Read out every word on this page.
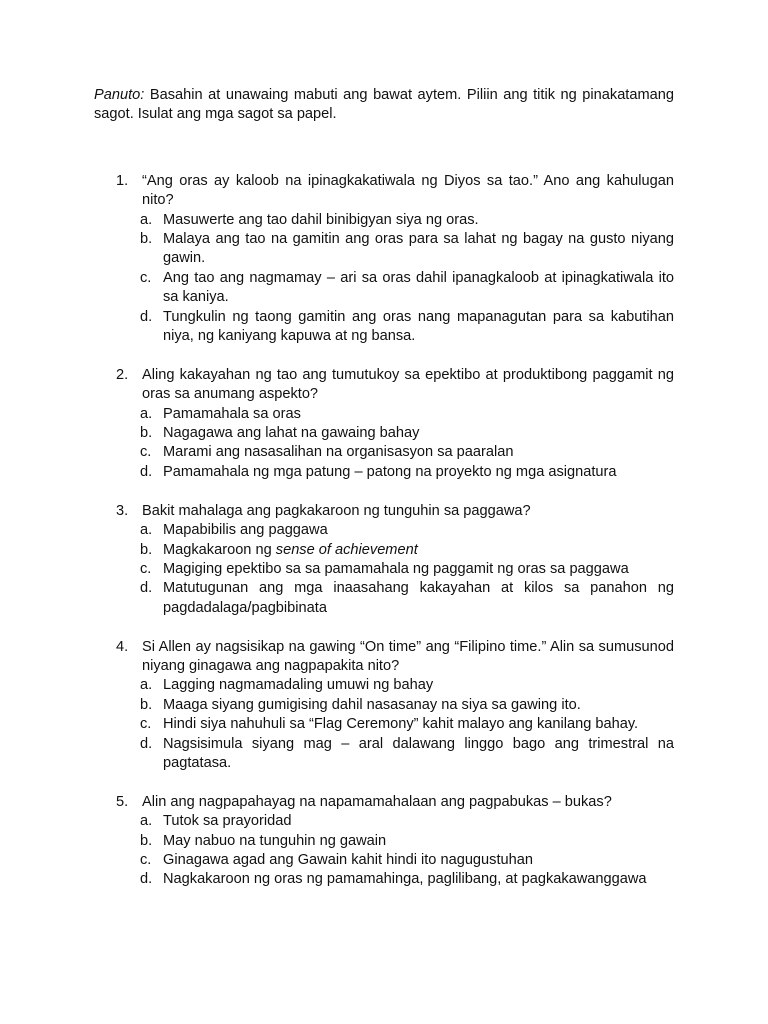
Panuto: Basahin at unawaing mabuti ang bawat aytem. Piliin ang titik ng pinakatamang sagot. Isulat ang mga sagot sa papel.

1. “Ang oras ay kaloob na ipinagkakatiwala ng Diyos sa tao.” Ano ang kahulugan nito?
a. Masuwerte ang tao dahil binibigyan siya ng oras.
b. Malaya ang tao na gamitin ang oras para sa lahat ng bagay na gusto niyang gawin.
c. Ang tao ang nagmamay – ari sa oras dahil ipanagkaloob at ipinagkatiwala ito sa kaniya.
d. Tungkulin ng taong gamitin ang oras nang mapanagutan para sa kabutihan niya, ng kaniyang kapuwa at ng bansa.
2. Aling kakayahan ng tao ang tumutukoy sa epektibo at produktibong paggamit ng oras sa anumang aspekto?
a. Pamamahala sa oras
b. Nagagawa ang lahat na gawaing bahay
c. Marami ang nasasalihan na organisasyon sa paaralan
d. Pamamahala ng mga patung – patong na proyekto ng mga asignatura
3. Bakit mahalaga ang pagkakaroon ng tunguhin sa paggawa?
a. Mapabibilis ang paggawa
b. Magkakaroon ng sense of achievement
c. Magiging epektibo sa sa pamamahala ng paggamit ng oras sa paggawa
d. Matutugunan ang mga inaasahang kakayahan at kilos sa panahon ng pagdadalaga/pagbibinata
4. Si Allen ay nagsisikap na gawing “On time” ang “Filipino time.” Alin sa sumusunod niyang ginagawa ang nagpapakita nito?
a. Lagging nagmamadaling umuwi ng bahay
b. Maaga siyang gumigising dahil nasasanay na siya sa gawing ito.
c. Hindi siya nahuhuli sa “Flag Ceremony” kahit malayo ang kanilang bahay.
d. Nagsisimula siyang mag – aral dalawang linggo bago ang trimestral na pagtatasa.
5. Alin ang nagpapahayag na napamamahalaan ang pagpabukas – bukas?
a. Tutok sa prayoridad
b. May nabuo na tunguhin ng gawain
c. Ginagawa agad ang Gawain kahit hindi ito nagugustuhan
d. Nagkakaroon ng oras ng pamamahinga, paglilibang, at pagkakawanggawa
